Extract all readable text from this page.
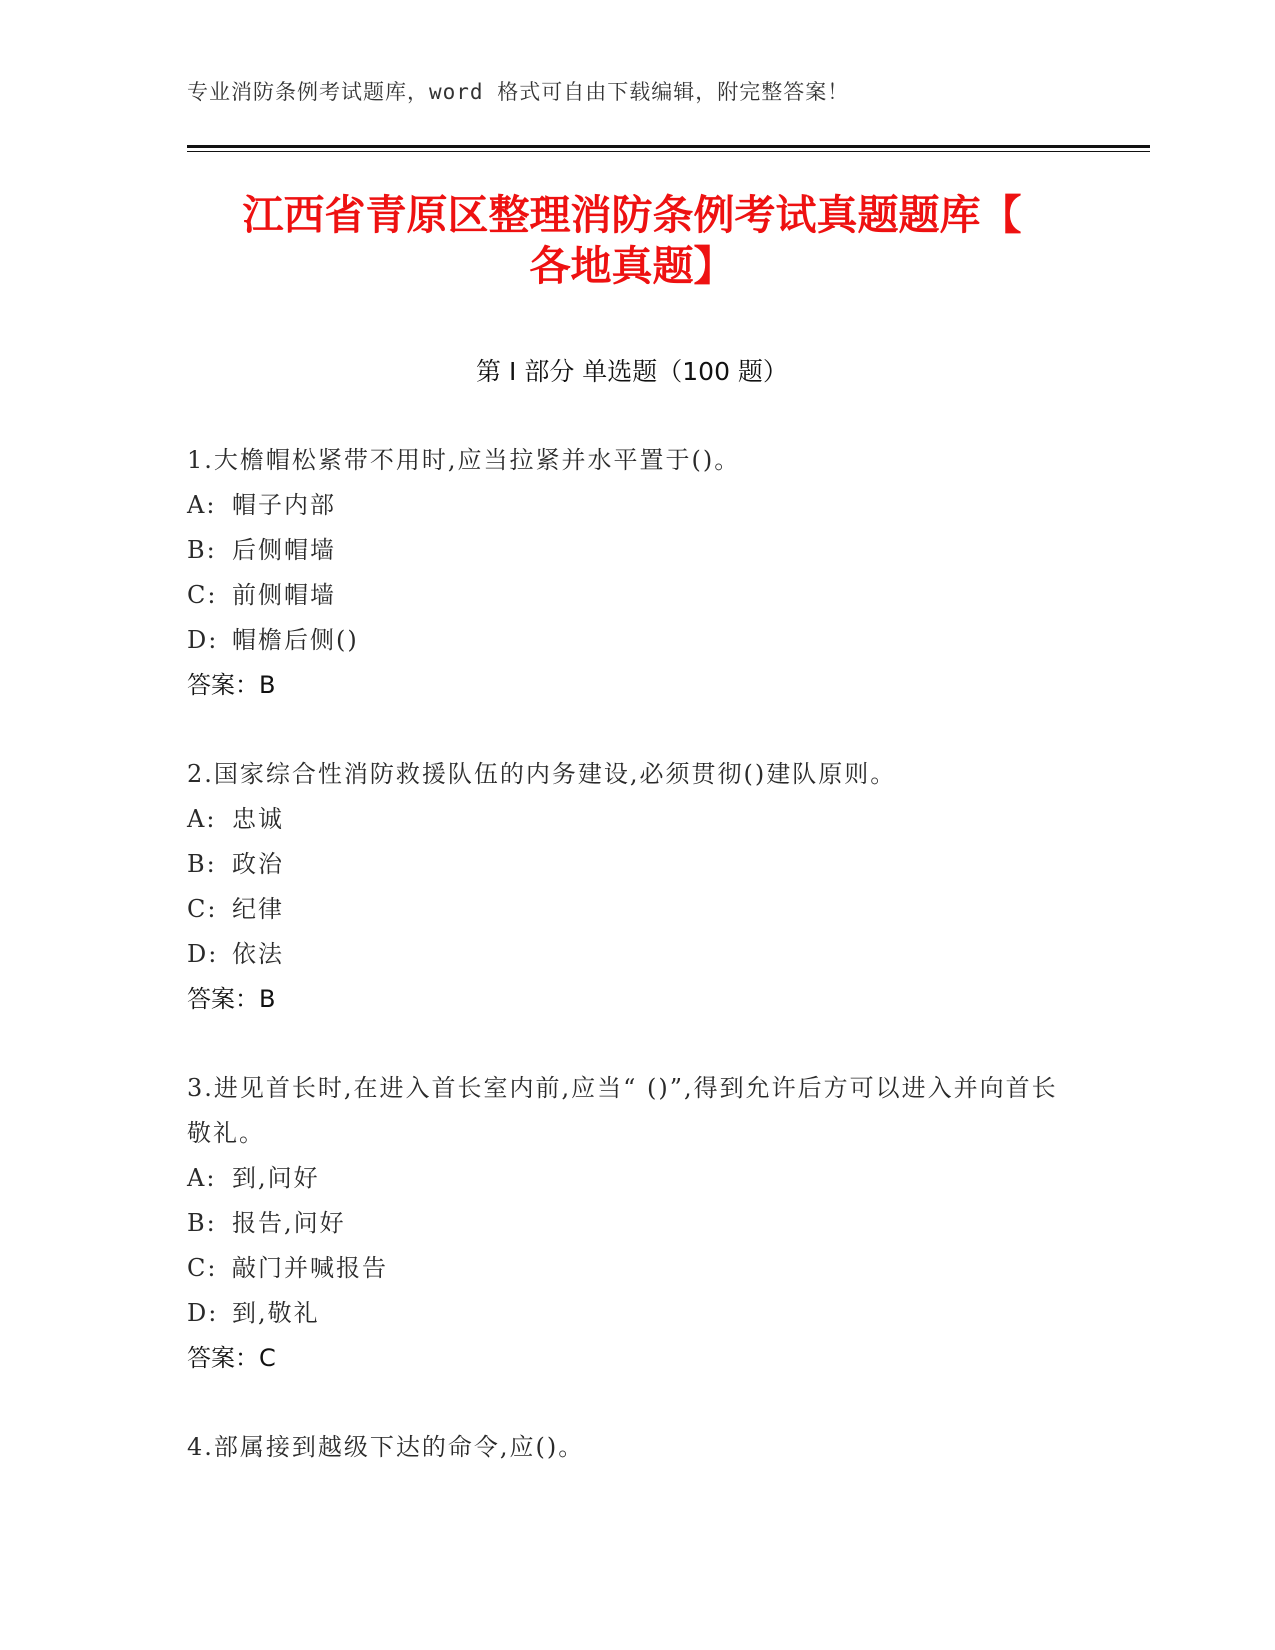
专业消防条例考试题库，word 格式可自由下载编辑，附完整答案！
江西省青原区整理消防条例考试真题题库【
各地真题】
第 I 部分 单选题（100 题）
1.大檐帽松紧带不用时,应当拉紧并水平置于()。
A: 帽子内部
B: 后侧帽墙
C: 前侧帽墙
D: 帽檐后侧()
答案：B
2.国家综合性消防救援队伍的内务建设,必须贯彻()建队原则。
A: 忠诚
B: 政治
C: 纪律
D: 依法
答案：B
3.进见首长时,在进入首长室内前,应当“ ()”,得到允许后方可以进入并向首长敬礼。
A: 到,问好
B: 报告,问好
C: 敲门并喊报告
D: 到,敬礼
答案：C
4.部属接到越级下达的命令,应()。
